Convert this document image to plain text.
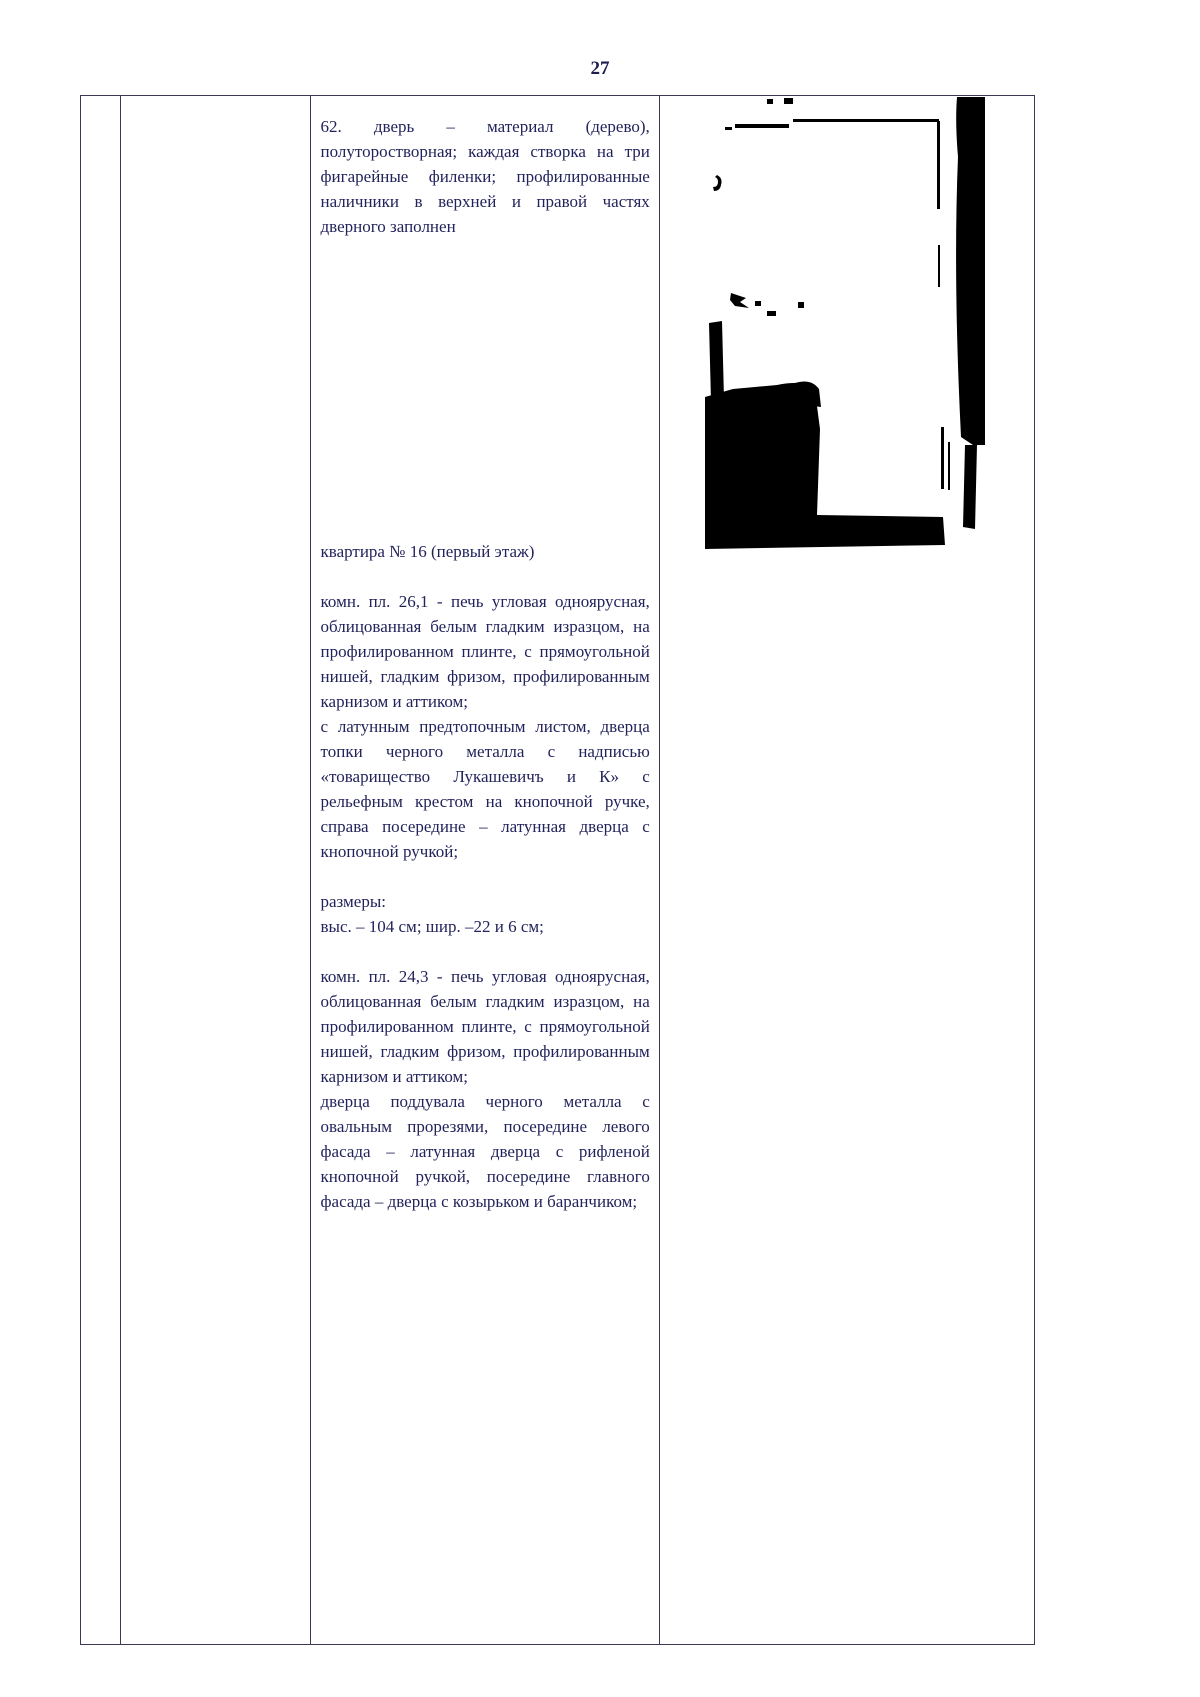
27

62. дверь – материал (дерево), полуторостворная; каждая створка на три фигарейные филенки; профилированные наличники в верхней и правой частях дверного заполнен

квартира № 16 (первый этаж)

комн. пл. 26,1 - печь угловая одноярусная, облицованная белым гладким изразцом, на профилированном плинте, с прямоугольной нишей, гладким фризом, профилированным карнизом и аттиком;

с латунным предтопочным листом, дверца топки черного металла с надписью «товарищество Лукашевичъ и К» с рельефным крестом на кнопочной ручке, справа посередине – латунная дверца с кнопочной ручкой;

размеры:

выс. – 104 см; шир. –22 и 6 см;

комн. пл. 24,3 - печь угловая одноярусная, облицованная белым гладким изразцом, на профилированном плинте, с прямоугольной нишей, гладким фризом, профилированным карнизом и аттиком;

дверца поддувала черного металла с овальным прорезями, посередине левого фасада – латунная дверца с рифленой кнопочной ручкой, посередине главного фасада – дверца с козырьком и баранчиком;
